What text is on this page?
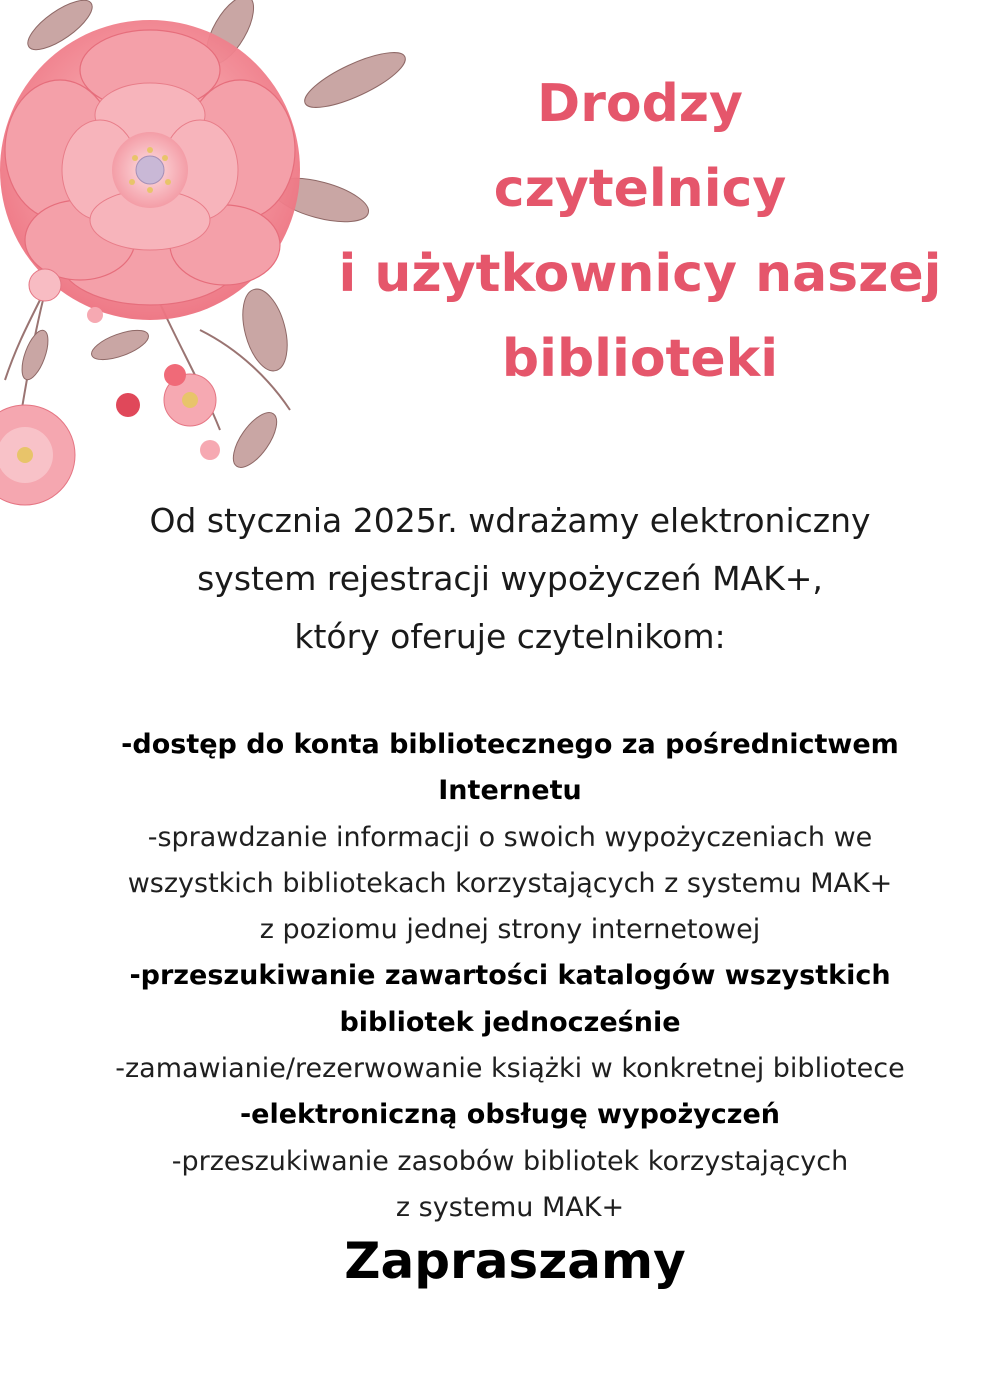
Drodzy
czytelnicy
i użytkownicy naszej
biblioteki
Od stycznia 2025r. wdrażamy elektroniczny
system rejestracji wypożyczeń MAK+,
który oferuje czytelnikom:
-dostęp do konta bibliotecznego za pośrednictwem
Internetu
-sprawdzanie informacji o swoich wypożyczeniach we
wszystkich bibliotekach korzystających z systemu MAK+
z poziomu jednej strony internetowej
-przeszukiwanie zawartości katalogów wszystkich
bibliotek jednocześnie
-zamawianie/rezerwowanie książki w konkretnej bibliotece
-elektroniczną obsługę wypożyczeń
-przeszukiwanie zasobów bibliotek korzystających
z systemu MAK+
Zapraszamy
